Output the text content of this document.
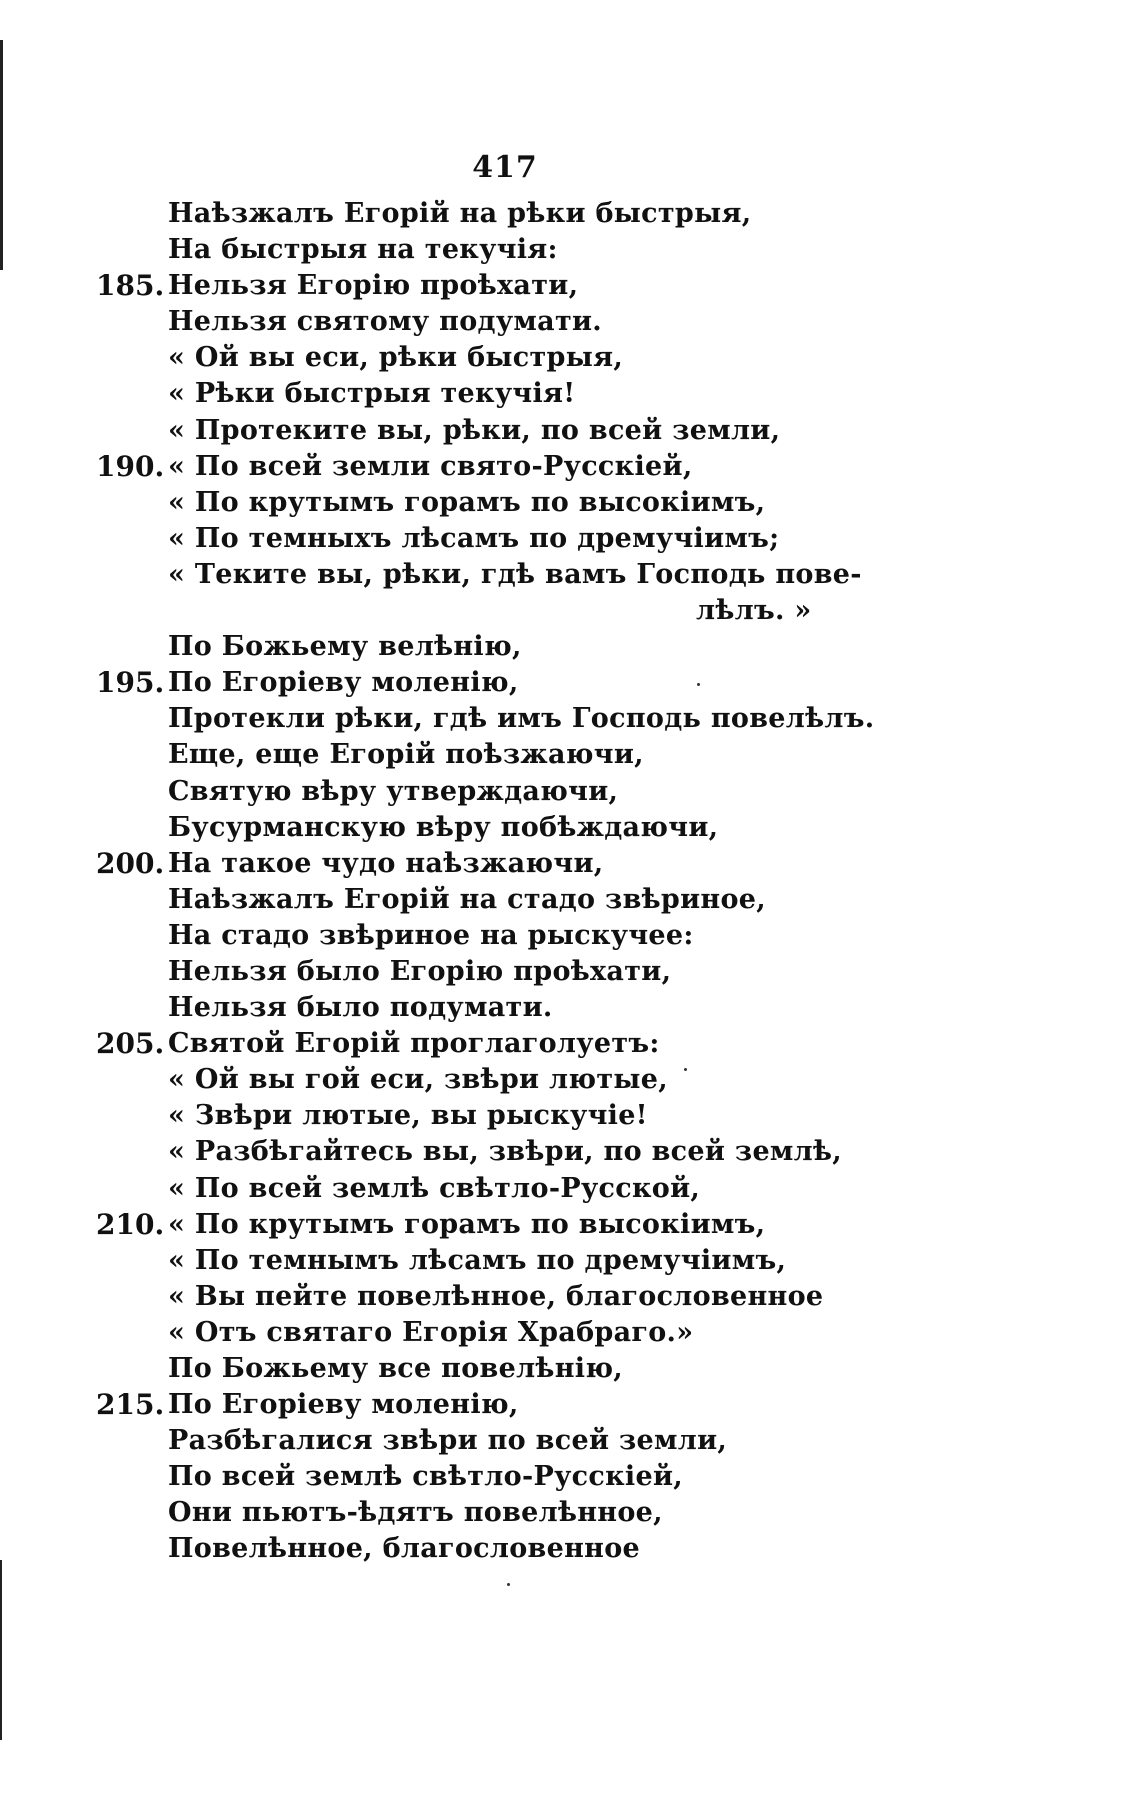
417
Наѣзжалъ Егорій на рѣки быстрыя,
На быстрыя на текучія:
185. Нельзя Егорію проѣхати,
Нельзя святому подумати.
« Ой вы еси, рѣки быстрыя,
« Рѣки быстрыя текучія!
« Протеките вы, рѣки, по всей земли,
190. « По всей земли свято-Русскіей,
« По крутымъ горамъ по высокіимъ,
« По темныхъ лѣсамъ по дремучіимъ;
« Теките вы, рѣки, гдѣ вамъ Господь пове-
лѣлъ. »
По Божьему велѣнію,
195. По Егоріеву моленію,
Протекли рѣки, гдѣ имъ Господь повелѣлъ.
Еще, еще Егорій поѣзжаючи,
Святую вѣру утверждаючи,
Бусурманскую вѣру побѣждаючи,
200. На такое чудо наѣзжаючи,
Наѣзжалъ Егорій на стадо звѣриное,
На стадо звѣриное на рыскучее:
Нельзя было Егорію проѣхати,
Нельзя было подумати.
205. Святой Егорій проглаголуетъ:
« Ой вы гой еси, звѣри лютые,
« Звѣри лютые, вы рыскучіе!
« Разбѣгайтесь вы, звѣри, по всей землѣ,
« По всей землѣ свѣтло-Русской,
210. « По крутымъ горамъ по высокіимъ,
« По темнымъ лѣсамъ по дремучіимъ,
« Вы пейте повелѣнное, благословенное
« Отъ святаго Егорія Храбраго.»
По Божьему все повелѣнію,
215. По Егоріеву моленію,
Разбѣгалися звѣри по всей земли,
По всей землѣ свѣтло-Русскіей,
Они пьютъ-ѣдятъ повелѣнное,
Повелѣнное, благословенное
